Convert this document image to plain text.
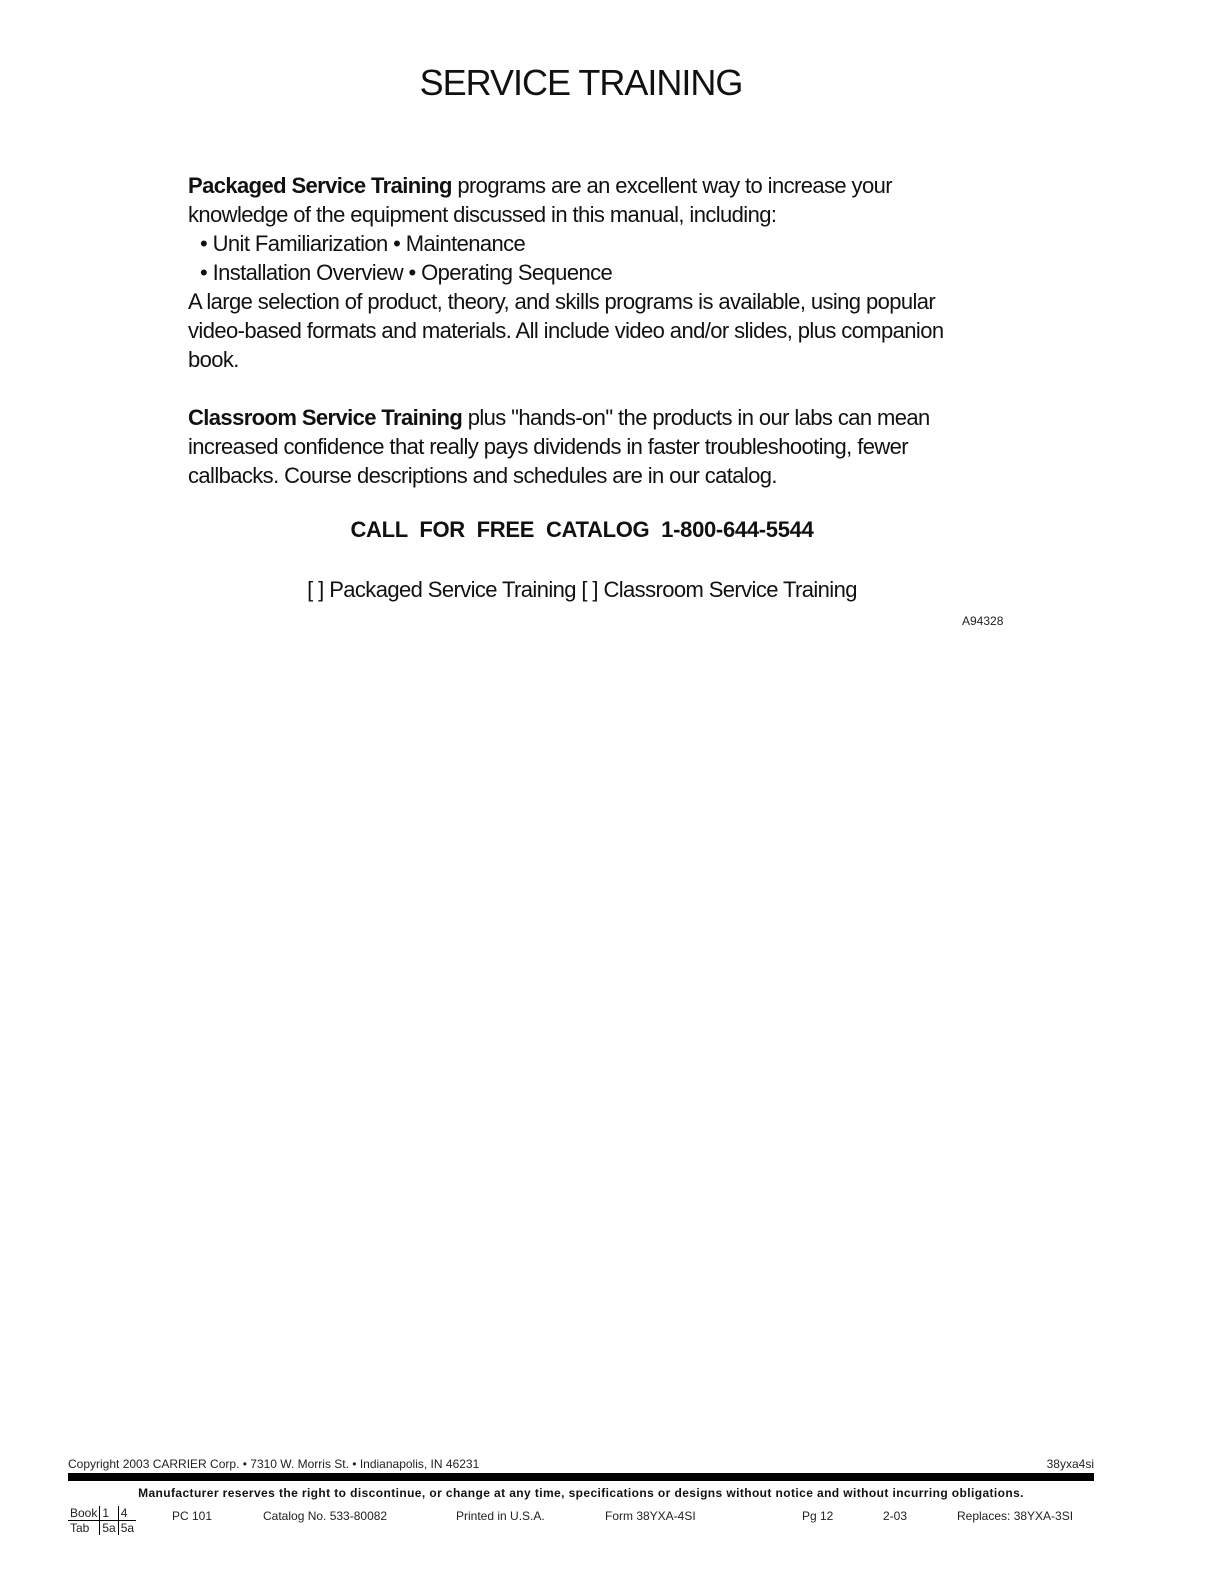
SERVICE TRAINING
Packaged Service Training programs are an excellent way to increase your
knowledge of the equipment discussed in this manual, including:
• Unit Familiarization • Maintenance
• Installation Overview • Operating Sequence
A large selection of product, theory, and skills programs is available, using popular
video-based formats and materials. All include video and/or slides, plus companion
book.
Classroom Service Training plus "hands-on" the products in our labs can mean
increased confidence that really pays dividends in faster troubleshooting, fewer
callbacks. Course descriptions and schedules are in our catalog.
CALL FOR FREE CATALOG 1-800-644-5544
[ ] Packaged Service Training [ ] Classroom Service Training
A94328
Copyright 2003 CARRIER Corp. • 7310 W. Morris St. • Indianapolis, IN 46231	38yxa4si
Manufacturer reserves the right to discontinue, or change at any time, specifications or designs without notice and without incurring obligations.
Book	1	4
Tab	5a	5a
PC 101	Catalog No. 533-80082	Printed in U.S.A.	Form 38YXA-4SI	Pg 12	2-03	Replaces: 38YXA-3SI
